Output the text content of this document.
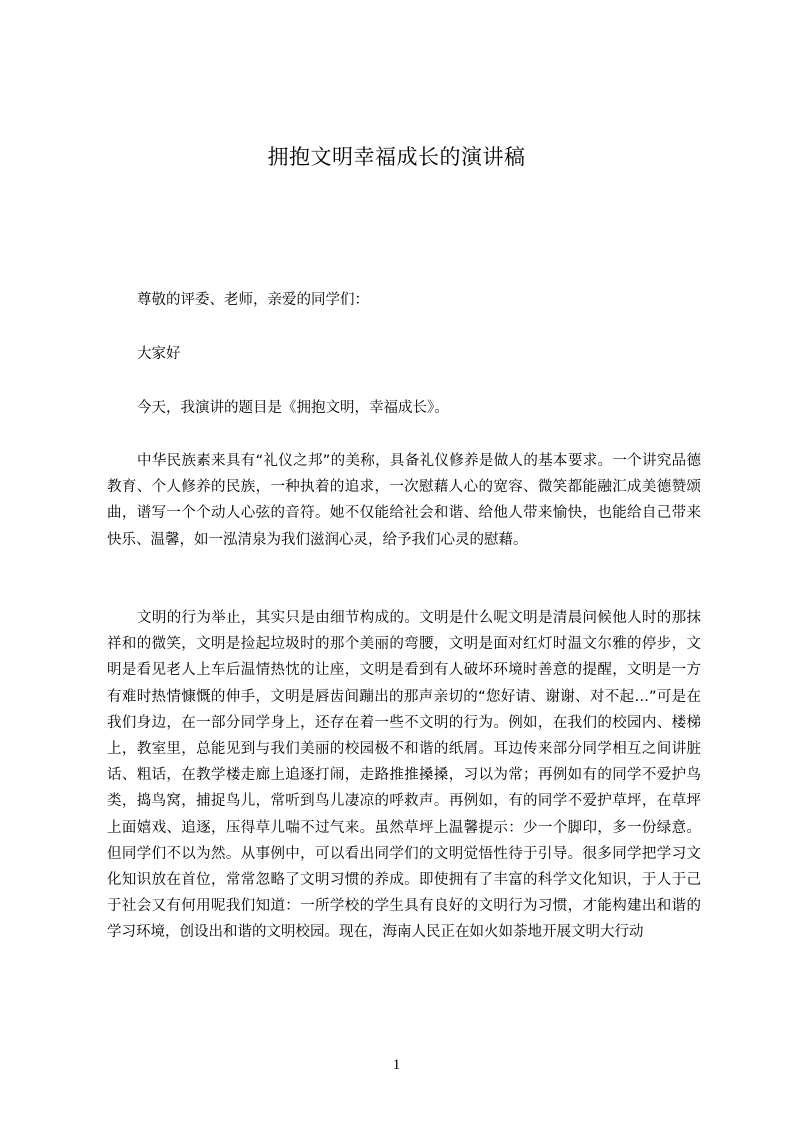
拥抱文明幸福成长的演讲稿
尊敬的评委、老师，亲爱的同学们：
大家好
今天，我演讲的题目是《拥抱文明，幸福成长》。

中华民族素来具有“礼仪之邦”的美称，具备礼仪修养是做人的基本要求。一个讲究品德教育、个人修养的民族，一种执着的追求，一次慰藉人心的宽容、微笑都能融汇成美德赞颂曲，谱写一个个动人心弦的音符。她不仅能给社会和谐、给他人带来愉快，也能给自己带来快乐、温馨，如一泓清泉为我们滋润心灵，给予我们心灵的慰藉。

文明的行为举止，其实只是由细节构成的。文明是什么呢文明是清晨问候他人时的那抹祥和的微笑，文明是捡起垃圾时的那个美丽的弯腰，文明是面对红灯时温文尔雅的停步，文明是看见老人上车后温情热忱的让座，文明是看到有人破坏环境时善意的提醒，文明是一方有难时热情慷慨的伸手，文明是唇齿间蹦出的那声亲切的“您好请、谢谢、对不起…”可是在我们身边，在一部分同学身上，还存在着一些不文明的行为。例如，在我们的校园内、楼梯上，教室里，总能见到与我们美丽的校园极不和谐的纸屑。耳边传来部分同学相互之间讲脏话、粗话，在教学楼走廊上追逐打闹，走路推推搡搡，习以为常；再例如有的同学不爱护鸟类，捣鸟窝，捕捉鸟儿，常听到鸟儿凄凉的呼救声。再例如，有的同学不爱护草坪，在草坪上面嬉戏、追逐，压得草儿喘不过气来。虽然草坪上温馨提示：少一个脚印，多一份绿意。但同学们不以为然。从事例中，可以看出同学们的文明觉悟性待于引导。很多同学把学习文化知识放在首位，常常忽略了文明习惯的养成。即使拥有了丰富的科学文化知识，于人于己于社会又有何用呢我们知道：一所学校的学生具有良好的文明行为习惯，才能构建出和谐的学习环境，创设出和谐的文明校园。现在，海南人民正在如火如荼地开展文明大行动

1
